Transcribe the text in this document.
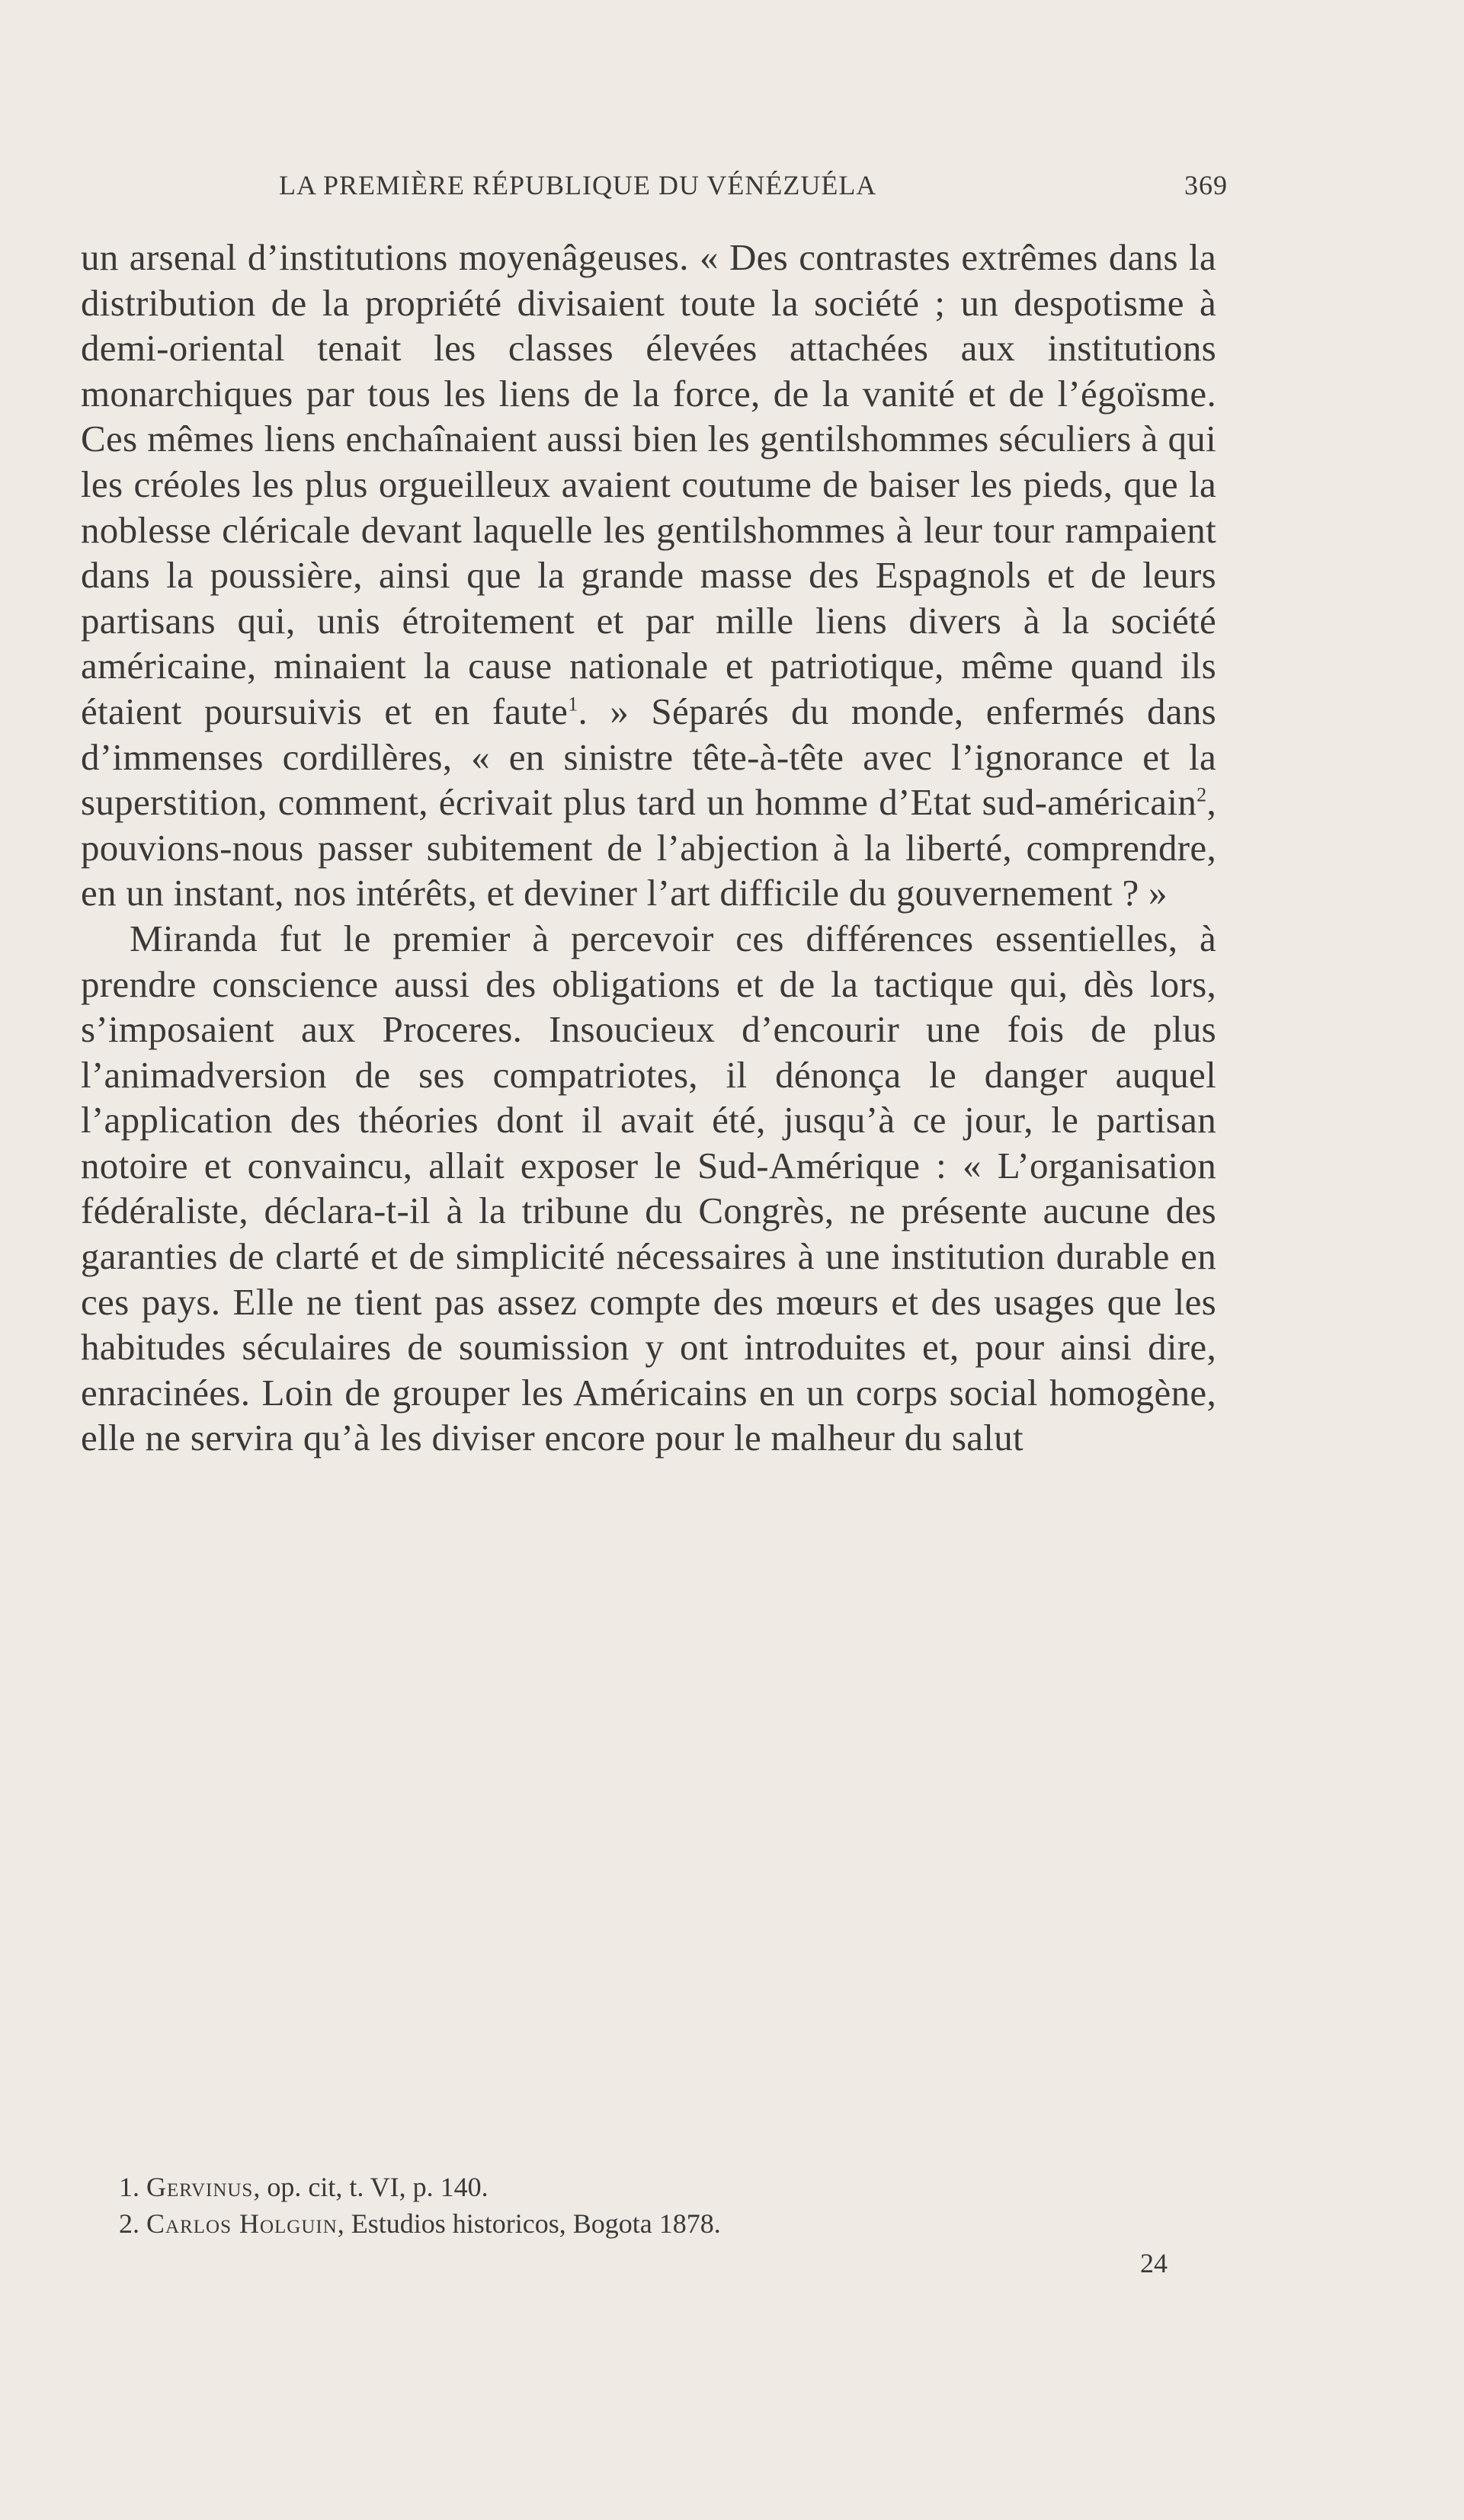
LA PREMIÈRE RÉPUBLIQUE DU VÉNÉZUÉLA	369

un arsenal d’institutions moyenâgeuses. « Des contrastes extrêmes dans la distribution de la propriété divisaient toute la société ; un despotisme à demi-oriental tenait les classes élevées attachées aux institutions monarchiques par tous les liens de la force, de la vanité et de l’égoïsme. Ces mêmes liens enchaînaient aussi bien les gentilshommes séculiers à qui les créoles les plus orgueilleux avaient coutume de baiser les pieds, que la noblesse cléricale devant laquelle les gentilshommes à leur tour rampaient dans la poussière, ainsi que la grande masse des Espagnols et de leurs partisans qui, unis étroitement et par mille liens divers à la société américaine, minaient la cause nationale et patriotique, même quand ils étaient poursuivis et en faute$^1$. » Séparés du monde, enfermés dans d’immenses cordillères, « en sinistre tête-à-tête avec l’ignorance et la superstition, comment, écrivait plus tard un homme d’Etat sud-américain$^2$, pouvions-nous passer subitement de l’abjection à la liberté, comprendre, en un instant, nos intérêts, et deviner l’art difficile du gouvernement ? »

Miranda fut le premier à percevoir ces différences essentielles, à prendre conscience aussi des obligations et de la tactique qui, dès lors, s’imposaient aux Proceres. Insoucieux d’encourir une fois de plus l’animadversion de ses compatriotes, il dénonça le danger auquel l’application des théories dont il avait été, jusqu’à ce jour, le partisan notoire et convaincu, allait exposer le Sud-Amérique : « L’organisation fédéraliste, déclara-t-il à la tribune du Congrès, ne présente aucune des garanties de clarté et de simplicité nécessaires à une institution durable en ces pays. Elle ne tient pas assez compte des mœurs et des usages que les habitudes séculaires de soumission y ont introduites et, pour ainsi dire, enracinées. Loin de grouper les Américains en un corps social homogène, elle ne servira qu’à les diviser encore pour le malheur du salut

1. Gervinus, op. cit, t. VI, p. 140.

2. Carlos Holguin, Estudios historicos, Bogota 1878.

24
